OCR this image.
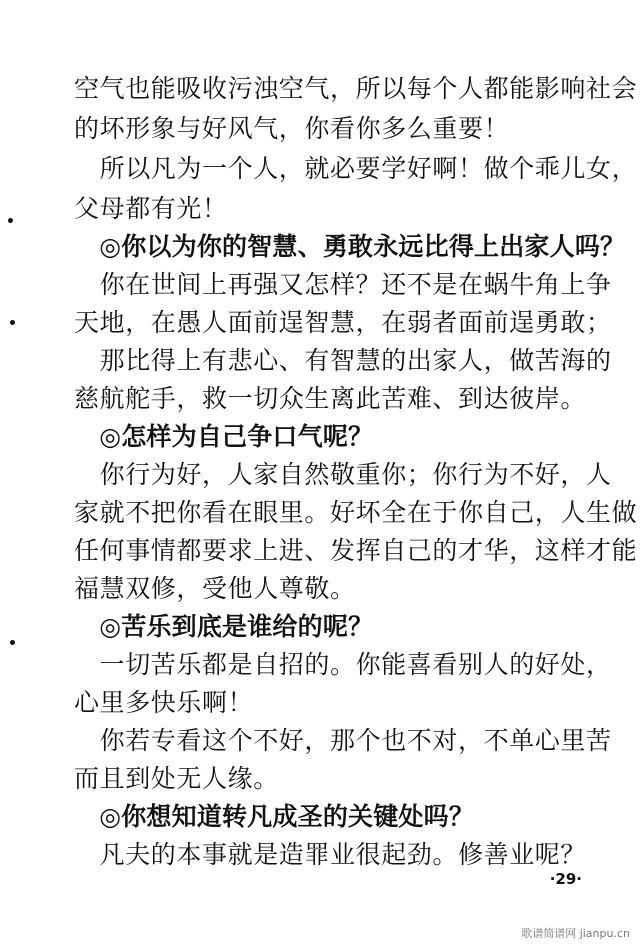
空气也能吸收污浊空气，所以每个人都能影响社会
的坏形象与好风气，你看你多么重要！
　所以凡为一个人，就必要学好啊！做个乖儿女，
父母都有光！
　◎你以为你的智慧、勇敢永远比得上出家人吗？
　你在世间上再强又怎样？还不是在蜗牛角上争
天地，在愚人面前逞智慧，在弱者面前逞勇敢；
　那比得上有悲心、有智慧的出家人，做苦海的
慈航舵手，救一切众生离此苦难、到达彼岸。
　◎怎样为自己争口气呢？
　你行为好，人家自然敬重你；你行为不好，人
家就不把你看在眼里。好坏全在于你自己，人生做
任何事情都要求上进、发挥自己的才华，这样才能
福慧双修，受他人尊敬。
　◎苦乐到底是谁给的呢？
　一切苦乐都是自招的。你能喜看别人的好处，
心里多快乐啊！
　你若专看这个不好，那个也不对，不单心里苦
而且到处无人缘。
　◎你想知道转凡成圣的关键处吗？
　凡夫的本事就是造罪业很起劲。修善业呢？
·29·
歌谱简谱网 jianpu.cn
